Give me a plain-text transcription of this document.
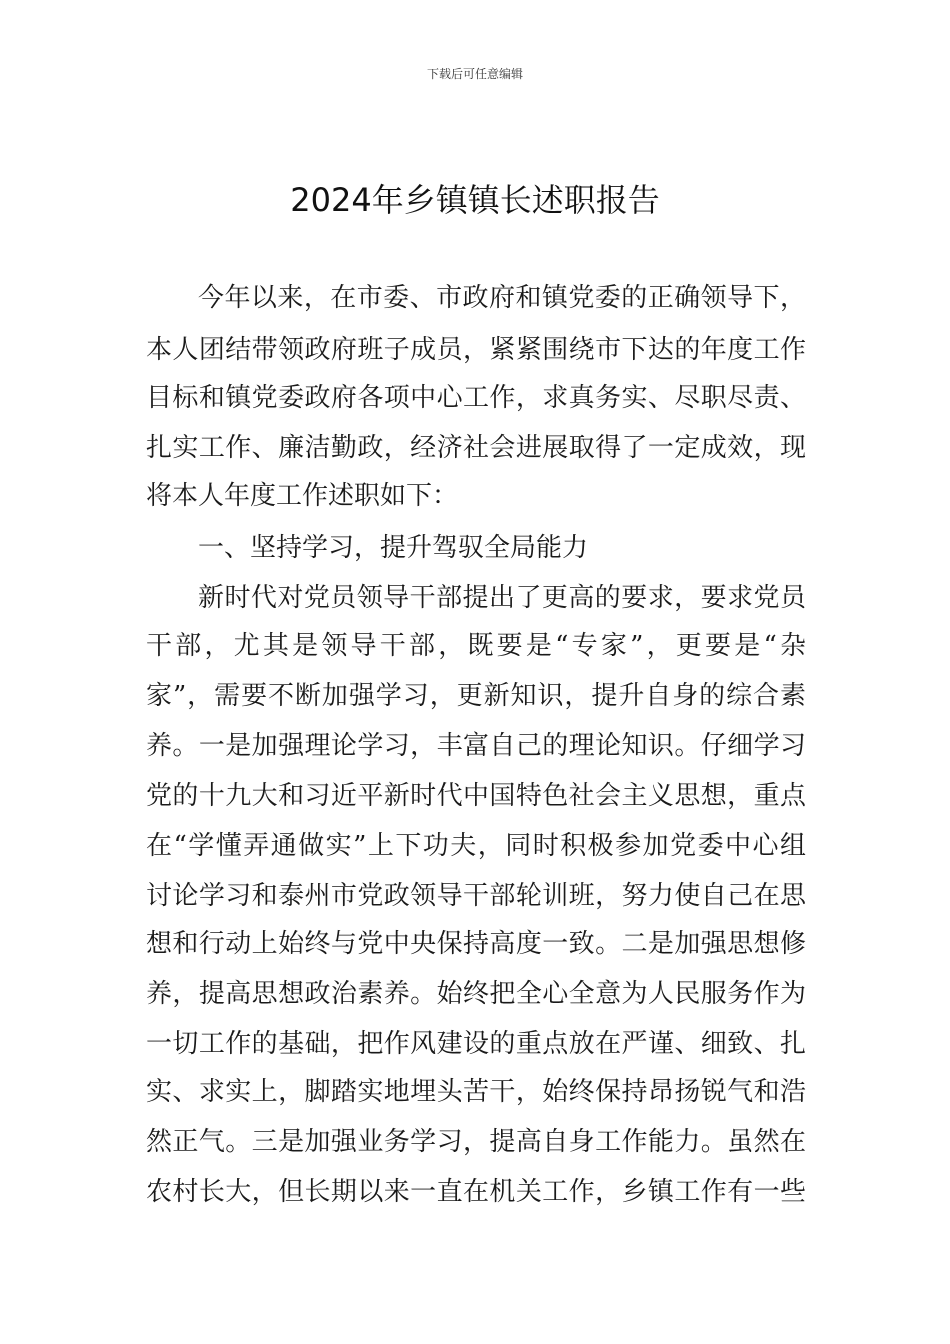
下载后可任意编辑
2024年乡镇镇长述职报告
今年以来，在市委、市政府和镇党委的正确领导下，
本人团结带领政府班子成员，紧紧围绕市下达的年度工作
目标和镇党委政府各项中心工作，求真务实、尽职尽责、
扎实工作、廉洁勤政，经济社会进展取得了一定成效，现
将本人年度工作述职如下：
一、坚持学习，提升驾驭全局能力
新时代对党员领导干部提出了更高的要求，要求党员
干部，尤其是领导干部，既要是“专家”，更要是“杂
家”，需要不断加强学习，更新知识，提升自身的综合素
养。一是加强理论学习，丰富自己的理论知识。仔细学习
党的十九大和习近平新时代中国特色社会主义思想，重点
在“学懂弄通做实”上下功夫，同时积极参加党委中心组
讨论学习和泰州市党政领导干部轮训班，努力使自己在思
想和行动上始终与党中央保持高度一致。二是加强思想修
养，提高思想政治素养。始终把全心全意为人民服务作为
一切工作的基础，把作风建设的重点放在严谨、细致、扎
实、求实上，脚踏实地埋头苦干，始终保持昂扬锐气和浩
然正气。三是加强业务学习，提高自身工作能力。虽然在
农村长大，但长期以来一直在机关工作，乡镇工作有一些
